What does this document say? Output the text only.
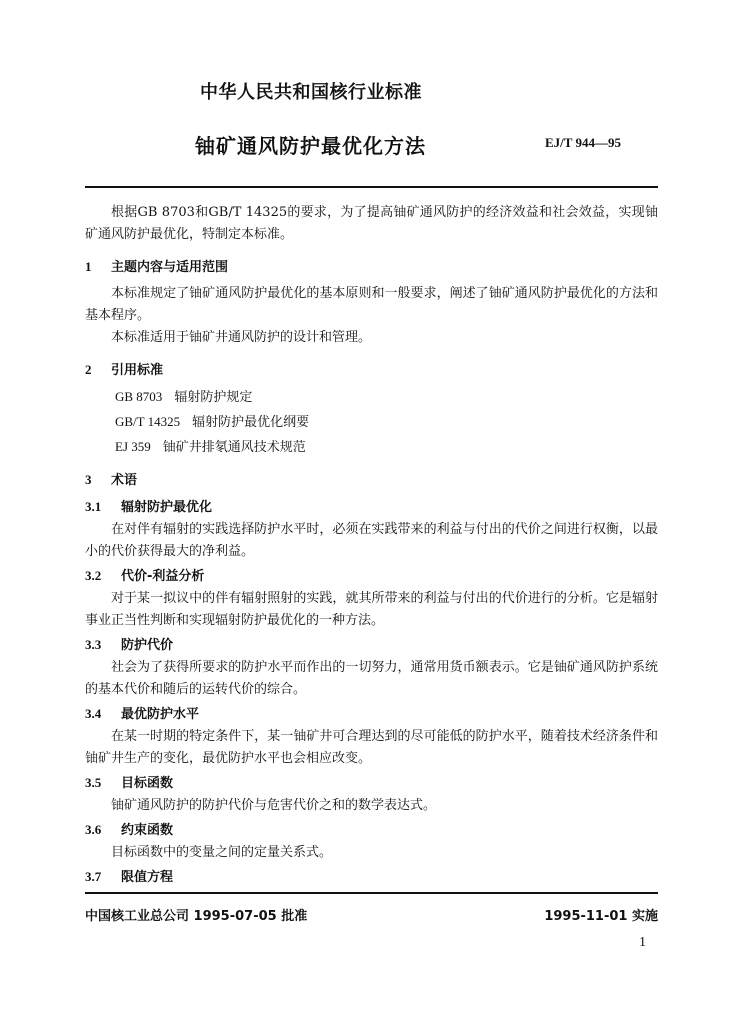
中华人民共和国核行业标准
铀矿通风防护最优化方法	EJ/T 944—95

根据GB 8703和GB/T 14325的要求，为了提高铀矿通风防护的经济效益和社会效益，实现铀矿通风防护最优化，特制定本标准。

1 主题内容与适用范围

本标准规定了铀矿通风防护最优化的基本原则和一般要求，阐述了铀矿通风防护最优化的方法和基本程序。

本标准适用于铀矿井通风防护的设计和管理。

2 引用标准
GB 8703 辐射防护规定
GB/T 14325 辐射防护最优化纲要
EJ 359 铀矿井排氡通风技术规范
3 术语
3.1 辐射防护最优化

在对伴有辐射的实践选择防护水平时，必须在实践带来的利益与付出的代价之间进行权衡，以最小的代价获得最大的净利益。

3.2 代价-利益分析

对于某一拟议中的伴有辐射照射的实践，就其所带来的利益与付出的代价进行的分析。它是辐射事业正当性判断和实现辐射防护最优化的一种方法。

3.3 防护代价

社会为了获得所要求的防护水平而作出的一切努力，通常用货币额表示。它是铀矿通风防护系统的基本代价和随后的运转代价的综合。

3.4 最优防护水平

在某一时期的特定条件下，某一铀矿井可合理达到的尽可能低的防护水平，随着技术经济条件和铀矿井生产的变化，最优防护水平也会相应改变。

3.5 目标函数

铀矿通风防护的防护代价与危害代价之和的数学表达式。

3.6 约束函数

目标函数中的变量之间的定量关系式。

3.7 限值方程
中国核工业总公司 1995-07-05 批准	1995-11-01 实施
1
